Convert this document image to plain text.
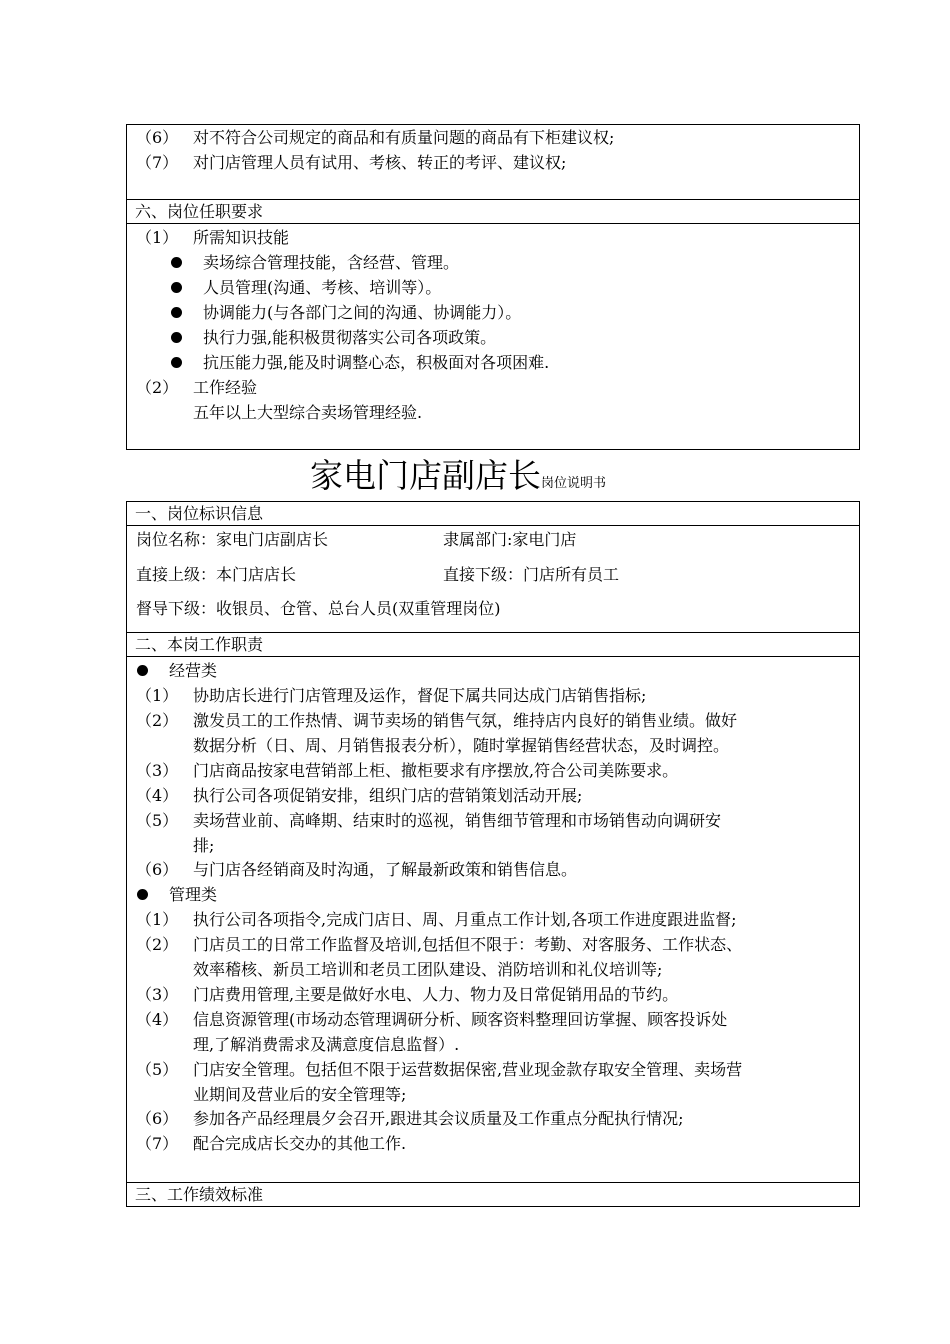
（6） 对不符合公司规定的商品和有质量问题的商品有下柜建议权;
（7） 对门店管理人员有试用、考核、转正的考评、建议权;
六、岗位任职要求
（1） 所需知识技能
卖场综合管理技能，含经营、管理。
人员管理(沟通、考核、培训等）。
协调能力(与各部门之间的沟通、协调能力）。
执行力强,能积极贯彻落实公司各项政策。
抗压能力强,能及时调整心态，积极面对各项困难.
（2） 工作经验
五年以上大型综合卖场管理经验.
家电门店副店长岗位说明书
一、岗位标识信息
岗位名称：家电门店副店长	隶属部门:家电门店
直接上级：本门店店长	直接下级：门店所有员工
督导下级：收银员、仓管、总台人员(双重管理岗位)
二、本岗工作职责
经营类
（1） 协助店长进行门店管理及运作，督促下属共同达成门店销售指标;
（2） 激发员工的工作热情、调节卖场的销售气氛，维持店内良好的销售业绩。做好
数据分析（日、周、月销售报表分析），随时掌握销售经营状态，及时调控。
（3） 门店商品按家电营销部上柜、撤柜要求有序摆放,符合公司美陈要求。
（4） 执行公司各项促销安排，组织门店的营销策划活动开展;
（5） 卖场营业前、高峰期、结束时的巡视，销售细节管理和市场销售动向调研安
排;
（6） 与门店各经销商及时沟通，了解最新政策和销售信息。
管理类
（1） 执行公司各项指令,完成门店日、周、月重点工作计划,各项工作进度跟进监督;
（2） 门店员工的日常工作监督及培训,包括但不限于：考勤、对客服务、工作状态、
效率稽核、新员工培训和老员工团队建设、消防培训和礼仪培训等;
（3） 门店费用管理,主要是做好水电、人力、物力及日常促销用品的节约。
（4） 信息资源管理(市场动态管理调研分析、顾客资料整理回访掌握、顾客投诉处
理,了解消费需求及满意度信息监督）.
（5） 门店安全管理。包括但不限于运营数据保密,营业现金款存取安全管理、卖场营
业期间及营业后的安全管理等;
（6） 参加各产品经理晨夕会召开,跟进其会议质量及工作重点分配执行情况;
（7） 配合完成店长交办的其他工作.
三、工作绩效标准
